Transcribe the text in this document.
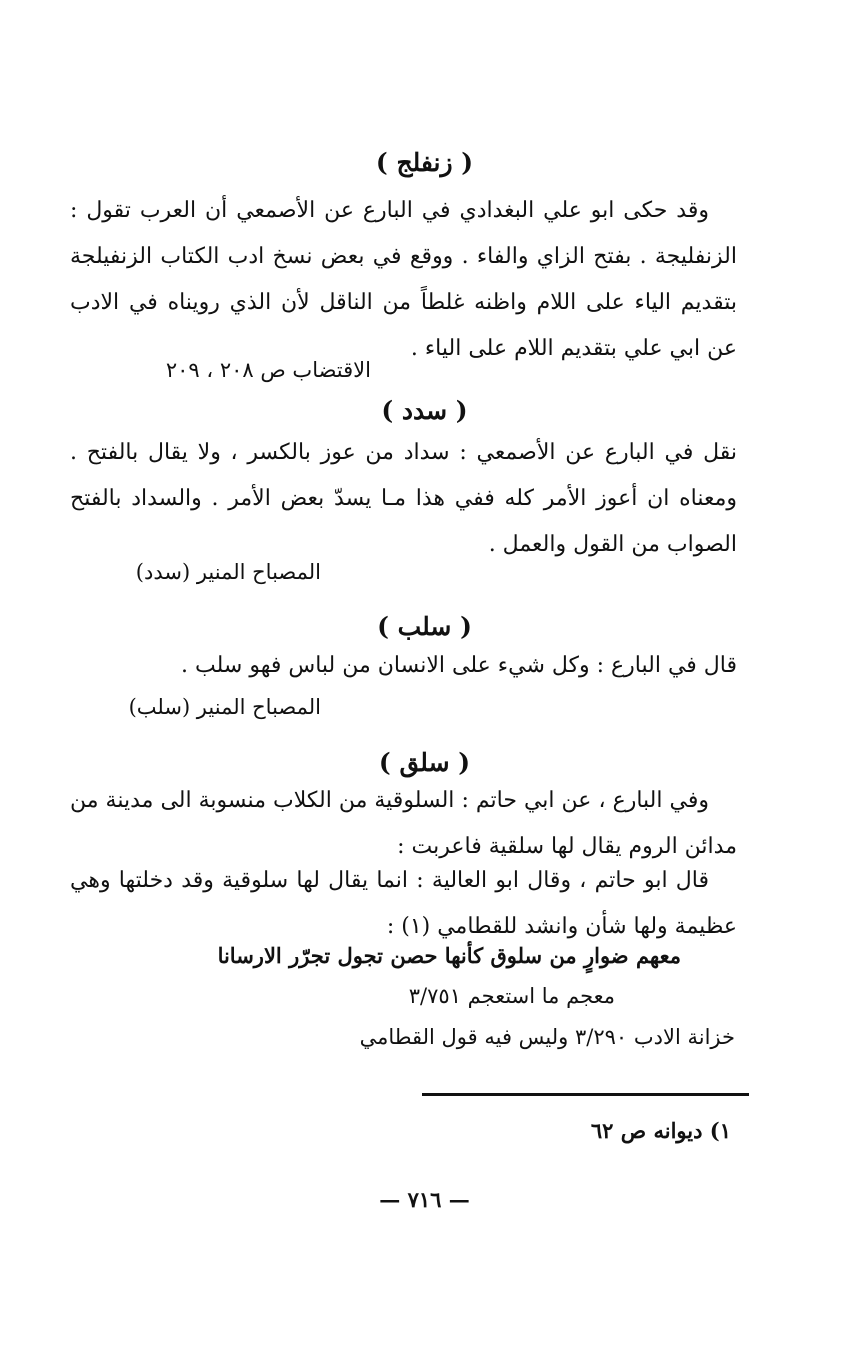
( زنفلج )
وقد حكى ابو علي البغدادي في البارع عن الأصمعي أن العرب تقول : الزنفليجة . بفتح الزاي والفاء . ووقع في بعض نسخ ادب الكتاب الزنفيلجة بتقديم الياء على اللام واظنه غلطاً من الناقل لأن الذي رويناه في الادب عن ابي علي بتقديم اللام على الياء .
الاقتضاب ص ٢٠٨ ، ٢٠٩
( سدد )
نقل في البارع عن الأصمعي : سداد من عوز بالكسر ، ولا يقال بالفتح . ومعناه ان أعوز الأمر كله ففي هذا مـا يسدّ بعض الأمر . والسداد بالفتح الصواب من القول والعمل .
المصباح المنير (سدد)
( سلب )
قال في البارع : وكل شيء على الانسان من لباس فهو سلب .
المصباح المنير (سلب)
( سلق )
وفي البارع ، عن ابي حاتم : السلوقية من الكلاب منسوبة الى مدينة من مدائن الروم يقال لها سلقية فاعربت :
قال ابو حاتم ، وقال ابو العالية : انما يقال لها سلوقية وقد دخلتها وهي عظيمة ولها شأن وانشد للقطامي (١) :
معهم ضوارٍ من سلوق كأنها حصن تجول تجرّر الارسانا
معجم ما استعجم ٣/٧٥١
خزانة الادب ٣/٢٩٠ وليس فيه قول القطامي
١) ديوانه ص ٦٢
— ٧١٦ —
